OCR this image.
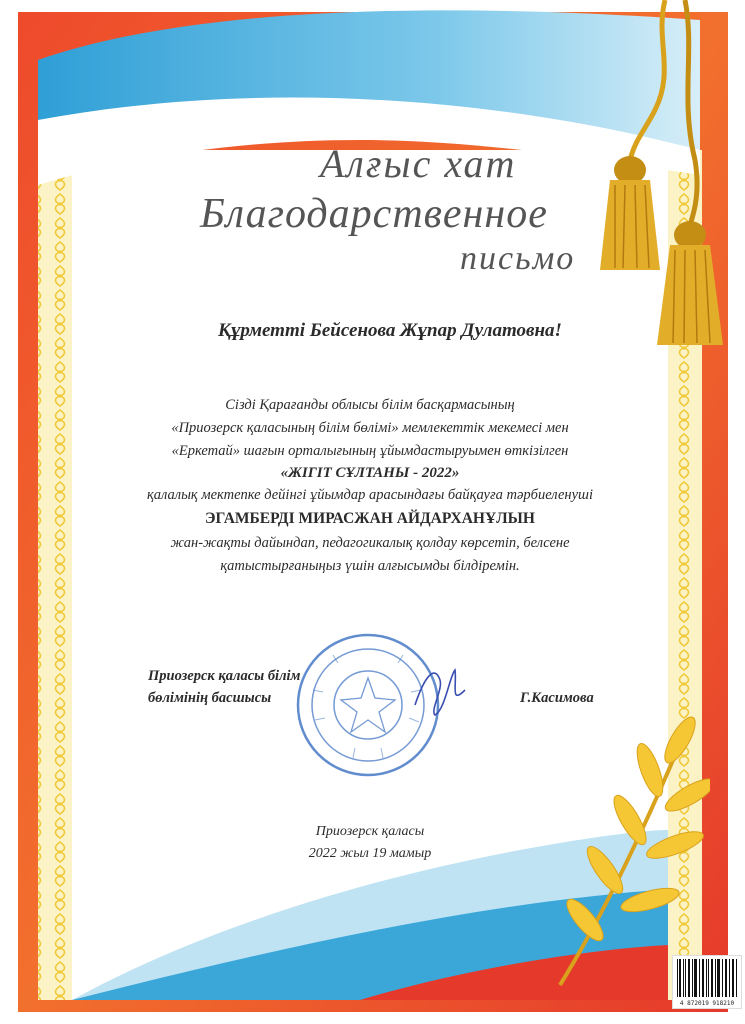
Алғыс хат
Благодарственное
письмо
Құрметті Бейсенова Жұпар Дулатовна!
Сізді Қарағанды облысы білім басқармасының
«Приозерск қаласының білім бөлімі» мемлекеттік мекемесі мен
«Еркетай» шағын орталығының ұйымдастыруымен өткізілген
«ЖІГІТ СҰЛТАНЫ - 2022»
қалалық мектепке дейінгі ұйымдар арасындағы байқауға тәрбиеленуші
ЭГАМБЕРДІ МИРАСЖАН АЙДАРХАНҰЛЫН
жан-жақты дайындап, педагогикалық қолдау көрсетіп, белсене
қатыстырғаныңыз үшін алғысымды білдіремін.
Приозерск қаласы білім
бөлімінің басшысы	Г.Касимова
Приозерск қаласы
2022 жыл 19 мамыр
4 872019 918210
